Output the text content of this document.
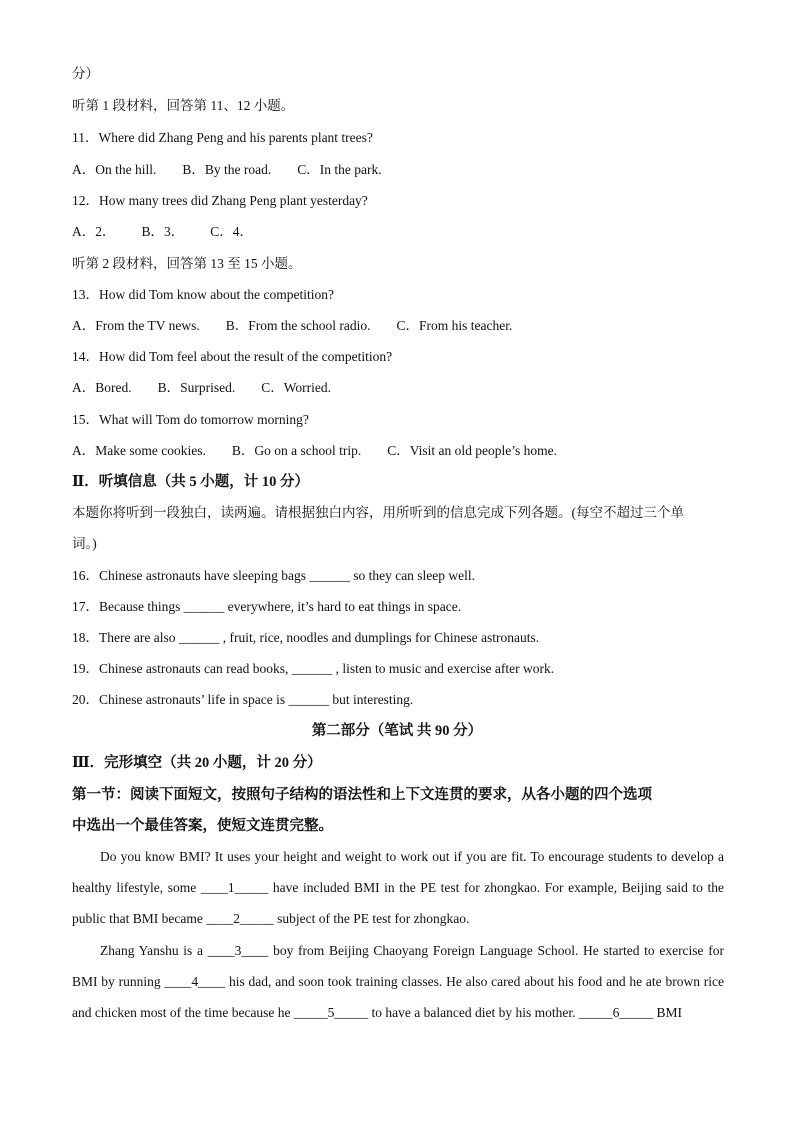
分）
听第 1 段材料，回答第 11、12 小题。
11．Where did Zhang Peng and his parents plant trees?
A．On the hill. B．By the road. C．In the park.
12．How many trees did Zhang Peng plant yesterday?
A．2． B．3． C．4．
听第 2 段材料，回答第 13 至 15 小题。
13．How did Tom know about the competition?
A．From the TV news. B．From the school radio. C．From his teacher.
14．How did Tom feel about the result of the competition?
A．Bored. B．Surprised. C．Worried.
15．What will Tom do tomorrow morning?
A．Make some cookies. B．Go on a school trip. C．Visit an old people’s home.
Ⅱ．听填信息（共 5 小题，计 10 分）
本题你将听到一段独白，读两遍。请根据独白内容，用所听到的信息完成下列各题。(每空不超过三个单
词。)
16．Chinese astronauts have sleeping bags ______ so they can sleep well.
17．Because things ______ everywhere, it’s hard to eat things in space.
18．There are also ______ , fruit, rice, noodles and dumplings for Chinese astronauts.
19．Chinese astronauts can read books, ______ , listen to music and exercise after work.
20．Chinese astronauts’ life in space is ______ but interesting.
第二部分（笔试 共 90 分）
Ⅲ．完形填空（共 20 小题，计 20 分）
第一节：阅读下面短文，按照句子结构的语法性和上下文连贯的要求，从各小题的四个选项
中选出一个最佳答案，使短文连贯完整。
Do you know BMI? It uses your height and weight to work out if you are fit. To encourage students to develop a healthy lifestyle, some ____1_____ have included BMI in the PE test for zhongkao. For example, Beijing said to the public that BMI became ____2_____ subject of the PE test for zhongkao.
Zhang Yanshu is a ____3____ boy from Beijing Chaoyang Foreign Language School. He started to exercise for BMI by running ____4____ his dad, and soon took training classes. He also cared about his food and he ate brown rice and chicken most of the time because he _____5_____ to have a balanced diet by his mother. _____6_____ BMI
